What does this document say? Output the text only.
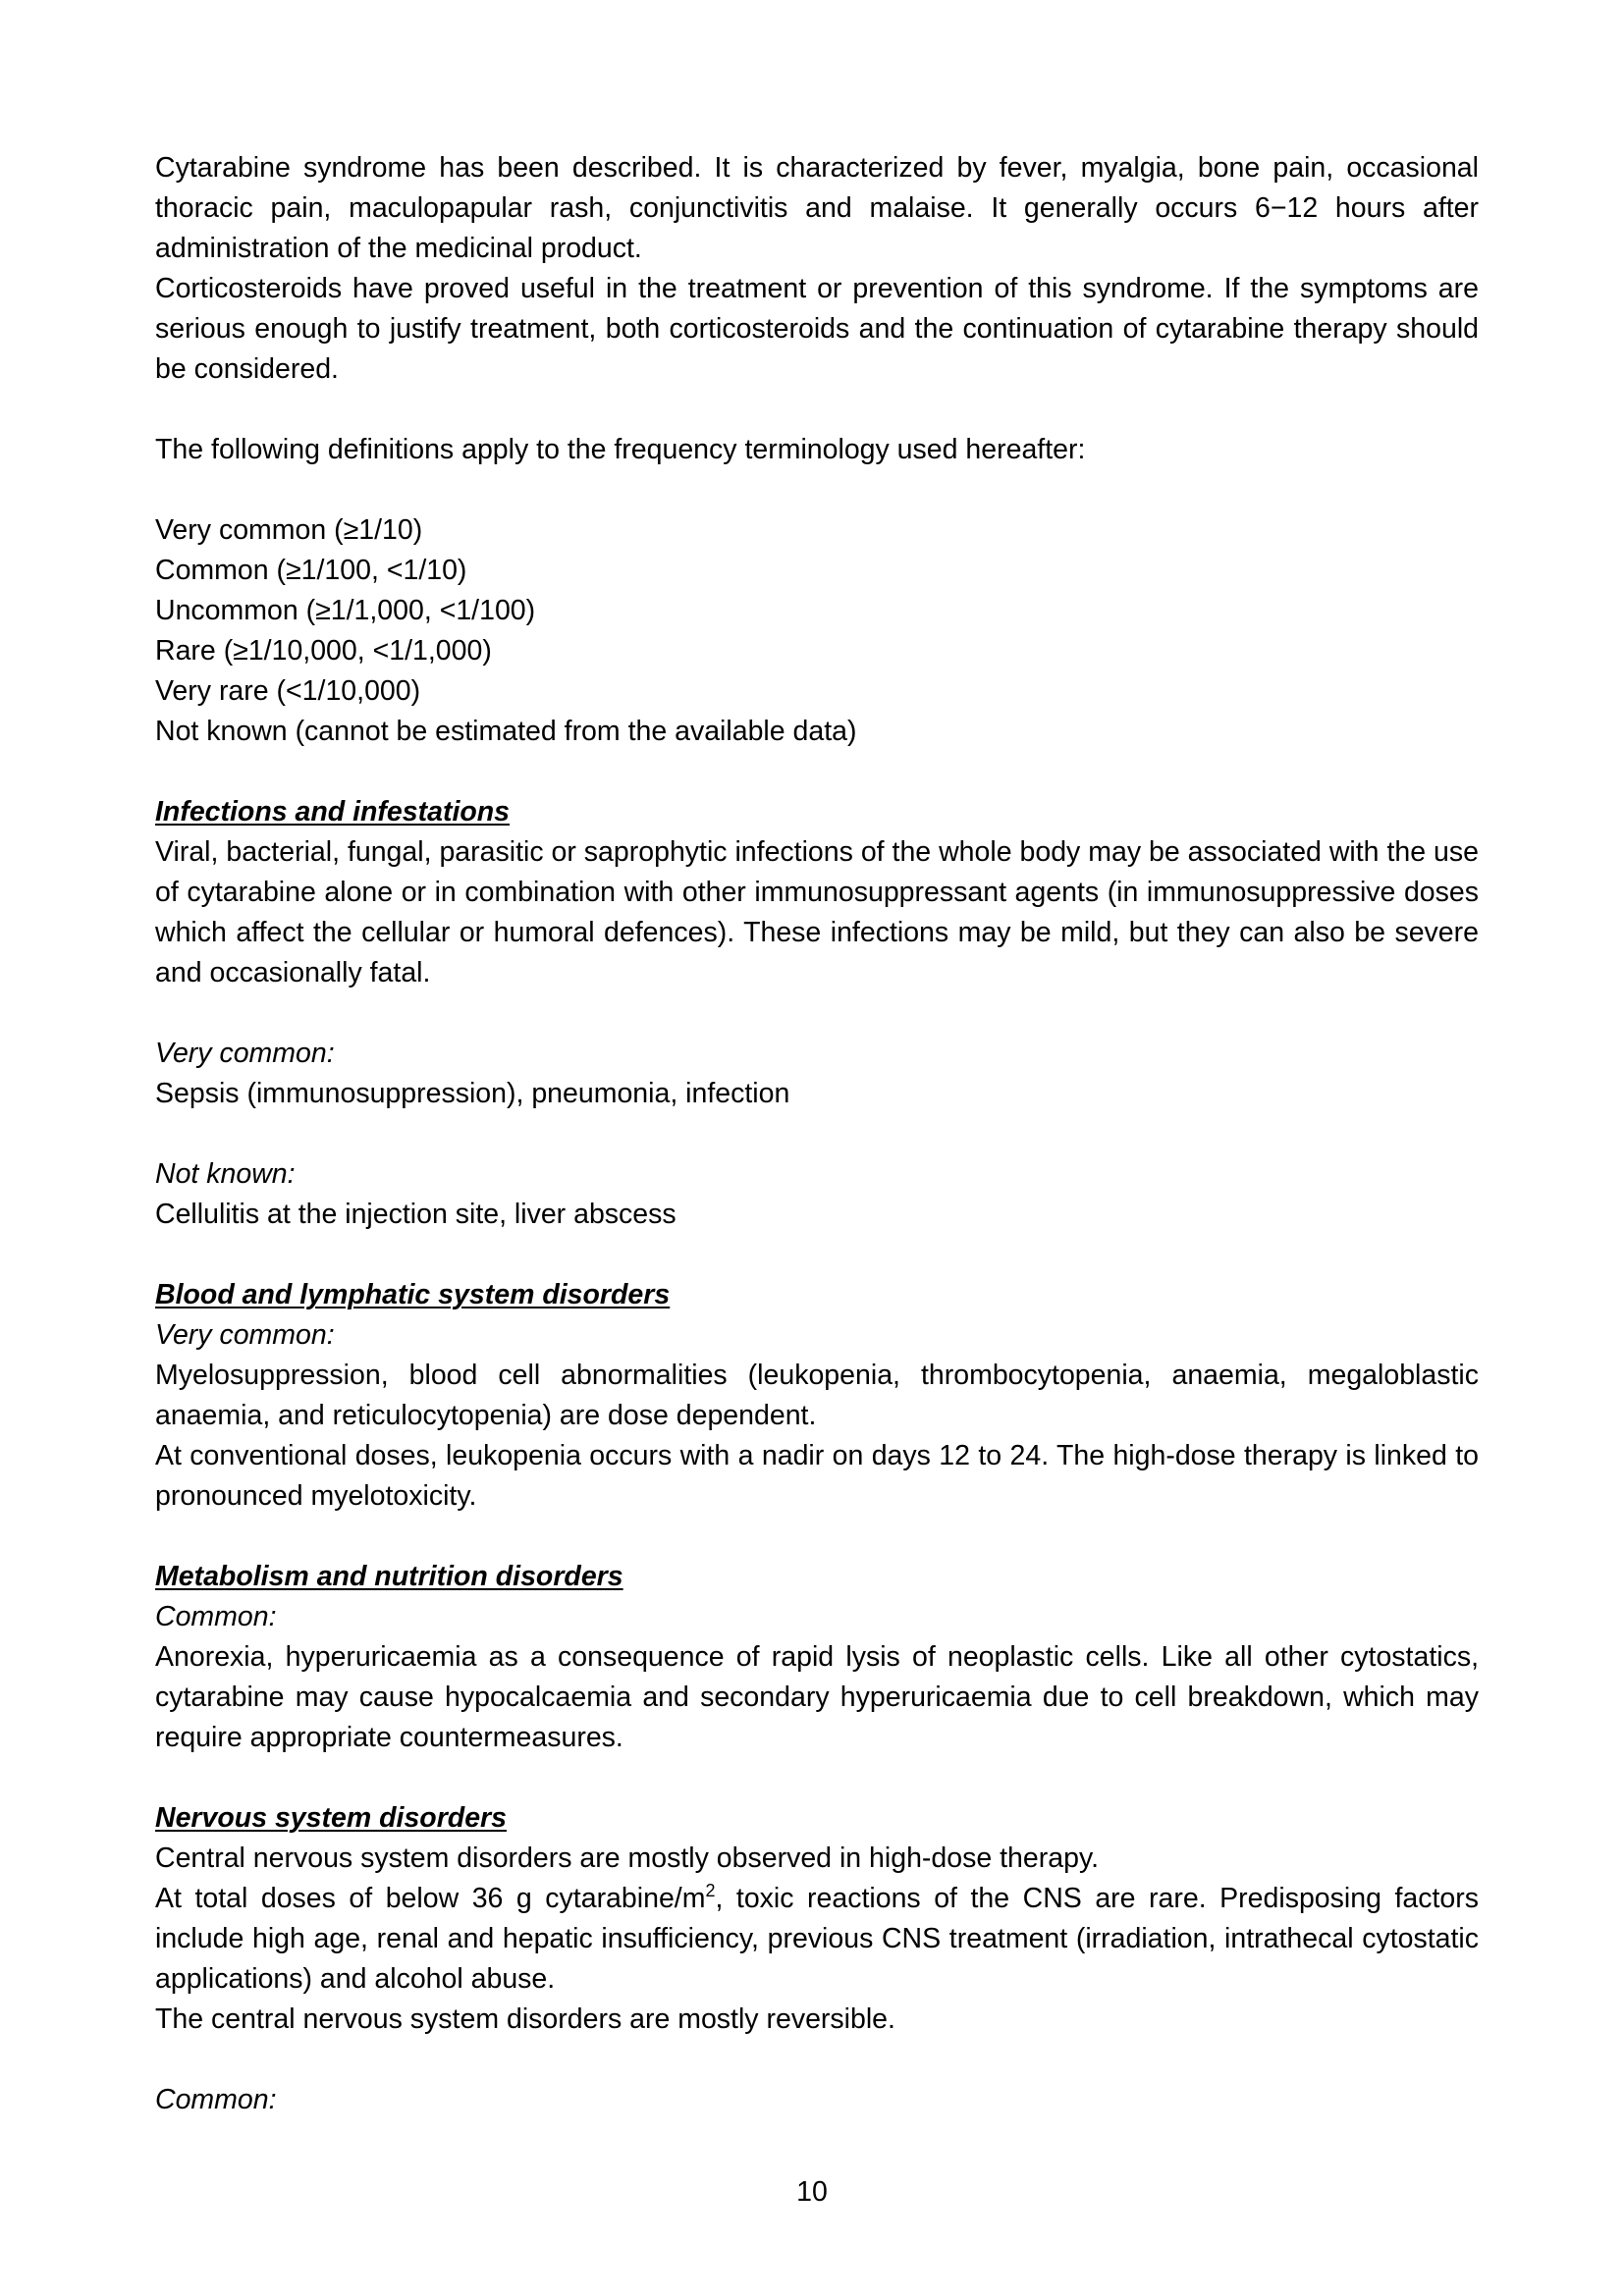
Cytarabine syndrome has been described. It is characterized by fever, myalgia, bone pain, occasional thoracic pain, maculopapular rash, conjunctivitis and malaise. It generally occurs 6−12 hours after administration of the medicinal product.

Corticosteroids have proved useful in the treatment or prevention of this syndrome. If the symptoms are serious enough to justify treatment, both corticosteroids and the continuation of cytarabine therapy should be considered.

The following definitions apply to the frequency terminology used hereafter:

Very common (≥1/10)
Common (≥1/100, <1/10)
Uncommon (≥1/1,000, <1/100)
Rare (≥1/10,000, <1/1,000)
Very rare (<1/10,000)
Not known (cannot be estimated from the available data)
Infections and infestations

Viral, bacterial, fungal, parasitic or saprophytic infections of the whole body may be associated with the use of cytarabine alone or in combination with other immunosuppressant agents (in immunosuppressive doses which affect the cellular or humoral defences). These infections may be mild, but they can also be severe and occasionally fatal.

Very common:
Sepsis (immunosuppression), pneumonia, infection
Not known:
Cellulitis at the injection site, liver abscess
Blood and lymphatic system disorders
Very common:

Myelosuppression, blood cell abnormalities (leukopenia, thrombocytopenia, anaemia, megaloblastic anaemia, and reticulocytopenia) are dose dependent.

At conventional doses, leukopenia occurs with a nadir on days 12 to 24. The high-dose therapy is linked to pronounced myelotoxicity.

Metabolism and nutrition disorders
Common:

Anorexia, hyperuricaemia as a consequence of rapid lysis of neoplastic cells. Like all other cytostatics, cytarabine may cause hypocalcaemia and secondary hyperuricaemia due to cell breakdown, which may require appropriate countermeasures.

Nervous system disorders

Central nervous system disorders are mostly observed in high-dose therapy.

At total doses of below 36 g cytarabine/$m^2$, toxic reactions of the CNS are rare. Predisposing factors include high age, renal and hepatic insufficiency, previous CNS treatment (irradiation, intrathecal cytostatic applications) and alcohol abuse.

The central nervous system disorders are mostly reversible.

Common:
10
